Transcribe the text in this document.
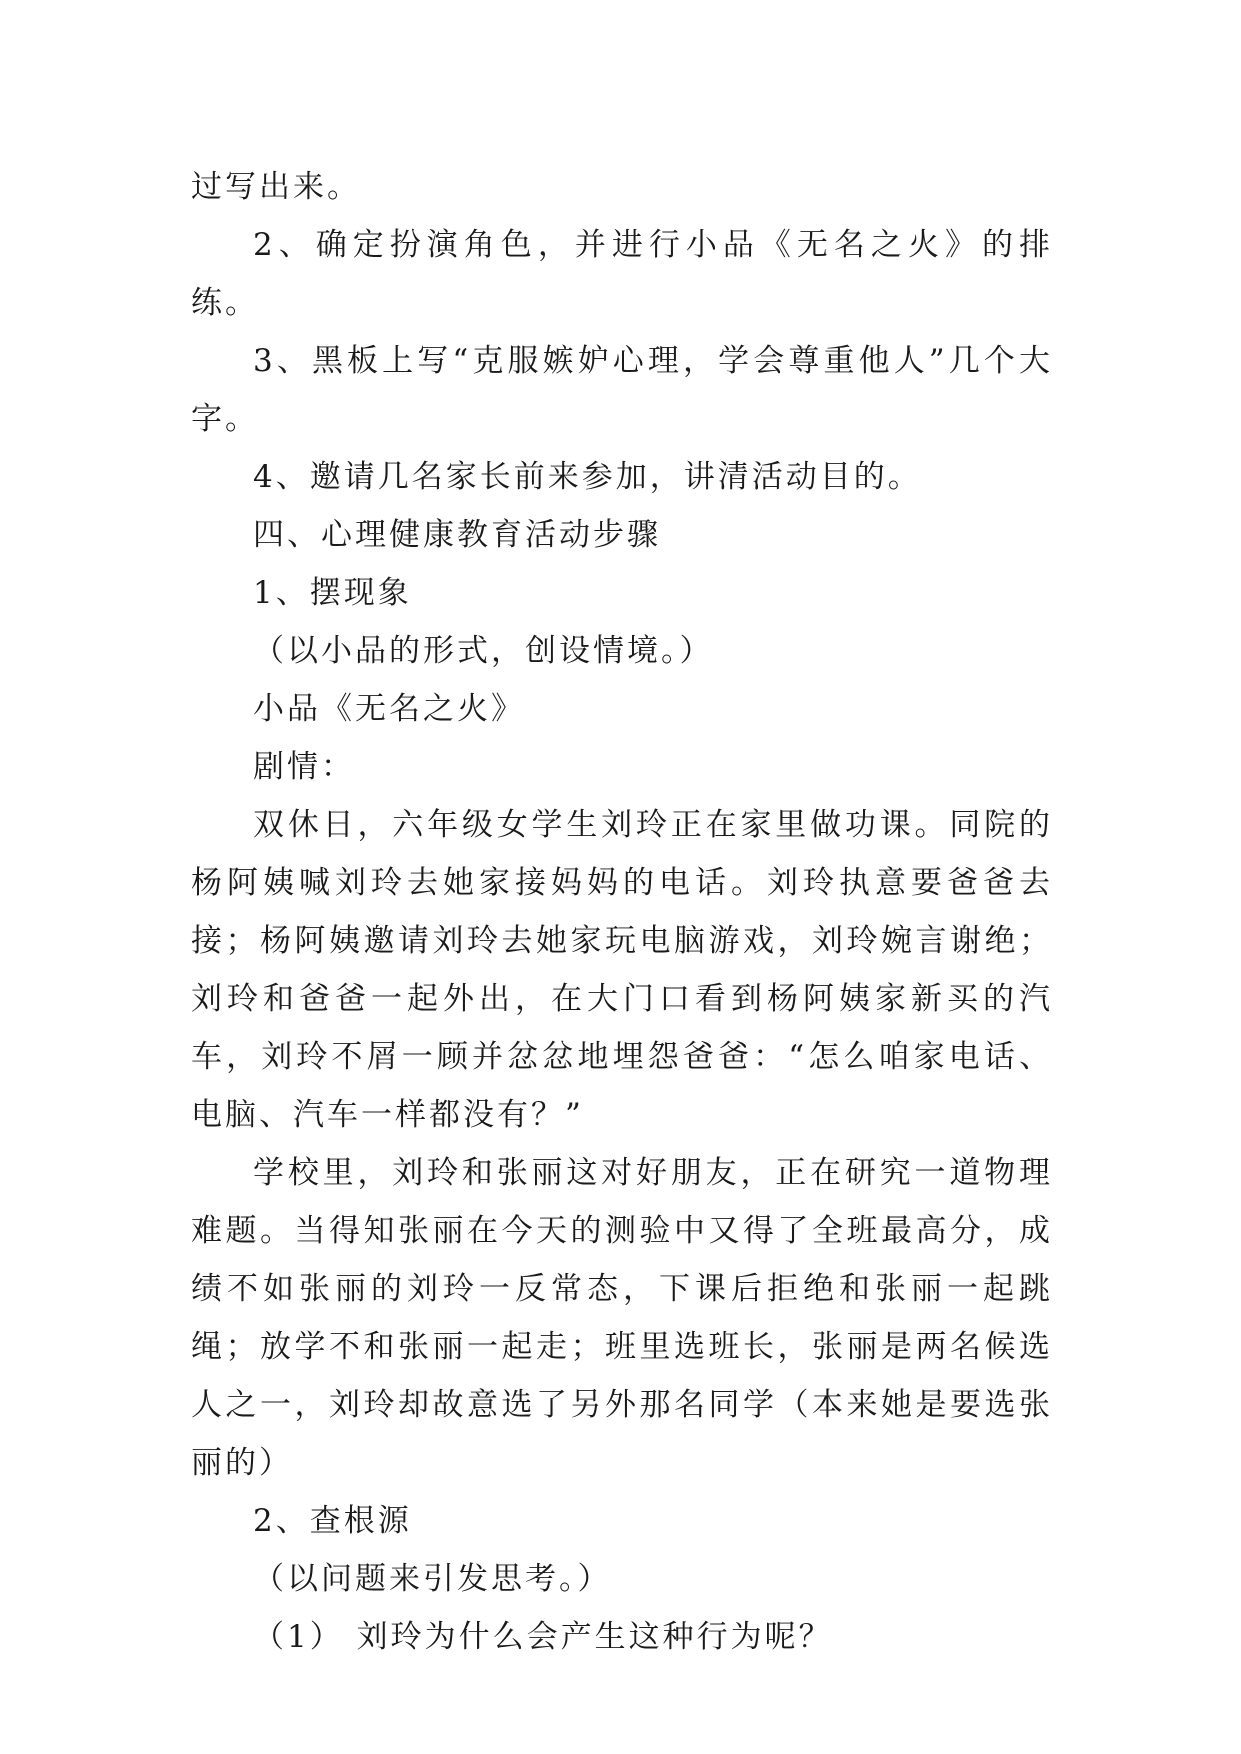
过写出来。

2、确定扮演角色，并进行小品《无名之火》的排练。

3、黑板上写“克服嫉妒心理，学会尊重他人”几个大字。

4、邀请几名家长前来参加，讲清活动目的。

四、心理健康教育活动步骤

1、摆现象

（以小品的形式，创设情境。）

小品《无名之火》

剧情：

双休日，六年级女学生刘玲正在家里做功课。同院的杨阿姨喊刘玲去她家接妈妈的电话。刘玲执意要爸爸去接；杨阿姨邀请刘玲去她家玩电脑游戏，刘玲婉言谢绝；刘玲和爸爸一起外出，在大门口看到杨阿姨家新买的汽车，刘玲不屑一顾并忿忿地埋怨爸爸：“怎么咱家电话、电脑、汽车一样都没有？”

学校里，刘玲和张丽这对好朋友，正在研究一道物理难题。当得知张丽在今天的测验中又得了全班最高分，成绩不如张丽的刘玲一反常态，下课后拒绝和张丽一起跳绳；放学不和张丽一起走；班里选班长，张丽是两名候选人之一，刘玲却故意选了另外那名同学（本来她是要选张丽的）

2、查根源

（以问题来引发思考。）

（1） 刘玲为什么会产生这种行为呢？
